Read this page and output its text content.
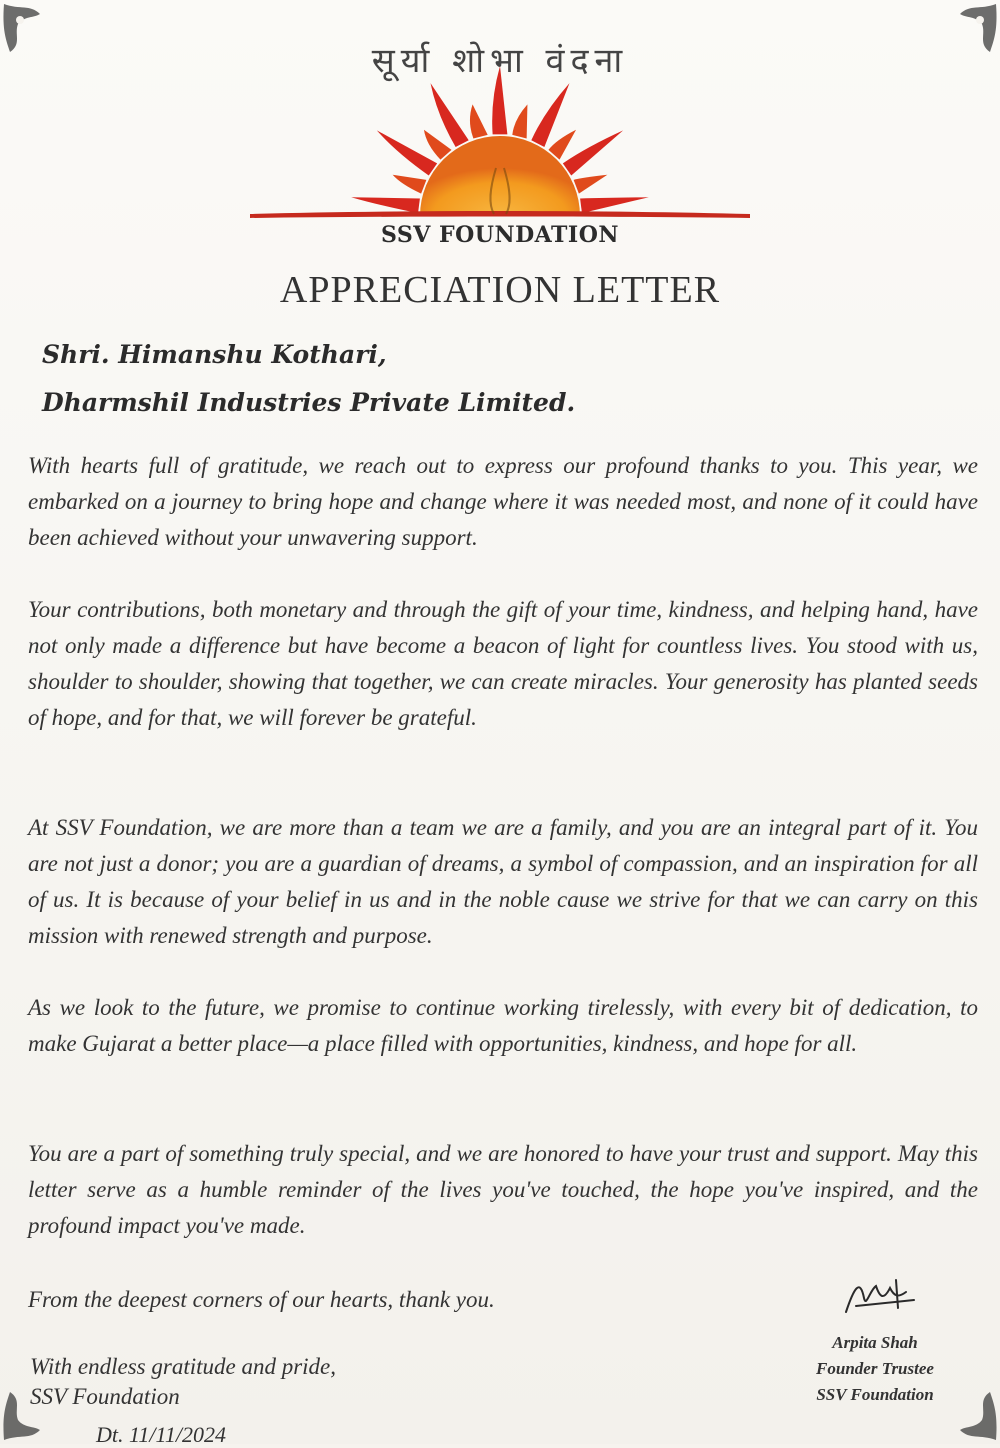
सूर्या शोभा वंदना
SSV FOUNDATION
APPRECIATION LETTER
Shri. Himanshu Kothari,
Dharmshil Industries Private Limited.
With hearts full of gratitude, we reach out to express our profound thanks to you. This year, we embarked on a journey to bring hope and change where it was needed most, and none of it could have been achieved without your unwavering support.
Your contributions, both monetary and through the gift of your time, kindness, and helping hand, have not only made a difference but have become a beacon of light for countless lives. You stood with us, shoulder to shoulder, showing that together, we can create miracles. Your generosity has planted seeds of hope, and for that, we will forever be grateful.
At SSV Foundation, we are more than a team we are a family, and you are an integral part of it. You are not just a donor; you are a guardian of dreams, a symbol of compassion, and an inspiration for all of us. It is because of your belief in us and in the noble cause we strive for that we can carry on this mission with renewed strength and purpose.
As we look to the future, we promise to continue working tirelessly, with every bit of dedication, to make Gujarat a better place—a place filled with opportunities, kindness, and hope for all.
You are a part of something truly special, and we are honored to have your trust and support. May this letter serve as a humble reminder of the lives you've touched, the hope you've inspired, and the profound impact you've made.
From the deepest corners of our hearts, thank you.
With endless gratitude and pride,
SSV Foundation
Dt. 11/11/2024
Arpita Shah
Founder Trustee
SSV Foundation
